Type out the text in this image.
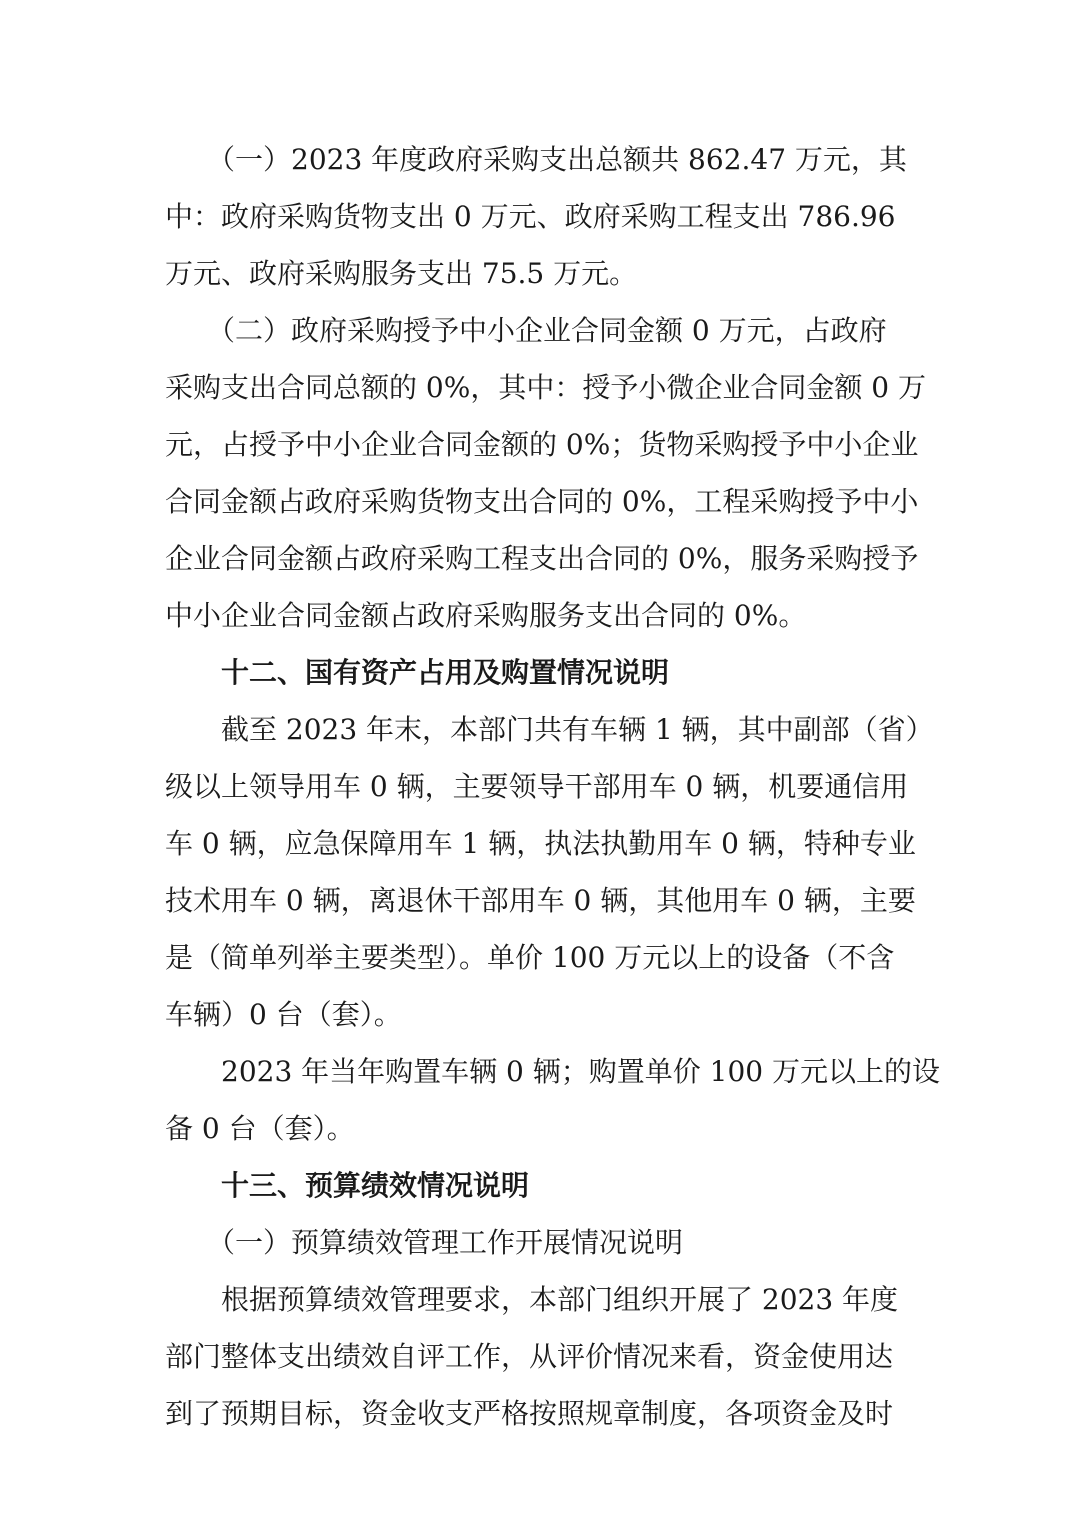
　　（一）2023 年度政府采购支出总额共 862.47 万元，其
中：政府采购货物支出 0 万元、政府采购工程支出 786.96
万元、政府采购服务支出 75.5 万元。
　　（二）政府采购授予中小企业合同金额 0 万元，占政府
采购支出合同总额的 0%，其中：授予小微企业合同金额 0 万
元，占授予中小企业合同金额的 0%；货物采购授予中小企业
合同金额占政府采购货物支出合同的 0%，工程采购授予中小
企业合同金额占政府采购工程支出合同的 0%，服务采购授予
中小企业合同金额占政府采购服务支出合同的 0%。
　　十二、国有资产占用及购置情况说明
　　截至 2023 年末，本部门共有车辆 1 辆，其中副部（省）
级以上领导用车 0 辆，主要领导干部用车 0 辆，机要通信用
车 0 辆，应急保障用车 1 辆，执法执勤用车 0 辆，特种专业
技术用车 0 辆，离退休干部用车 0 辆，其他用车 0 辆，主要
是（简单列举主要类型）。单价 100 万元以上的设备（不含
车辆）0 台（套）。
　　2023 年当年购置车辆 0 辆；购置单价 100 万元以上的设
备 0 台（套）。
　　十三、预算绩效情况说明
　　（一）预算绩效管理工作开展情况说明
　　根据预算绩效管理要求，本部门组织开展了 2023 年度
部门整体支出绩效自评工作，从评价情况来看，资金使用达
到了预期目标，资金收支严格按照规章制度，各项资金及时
